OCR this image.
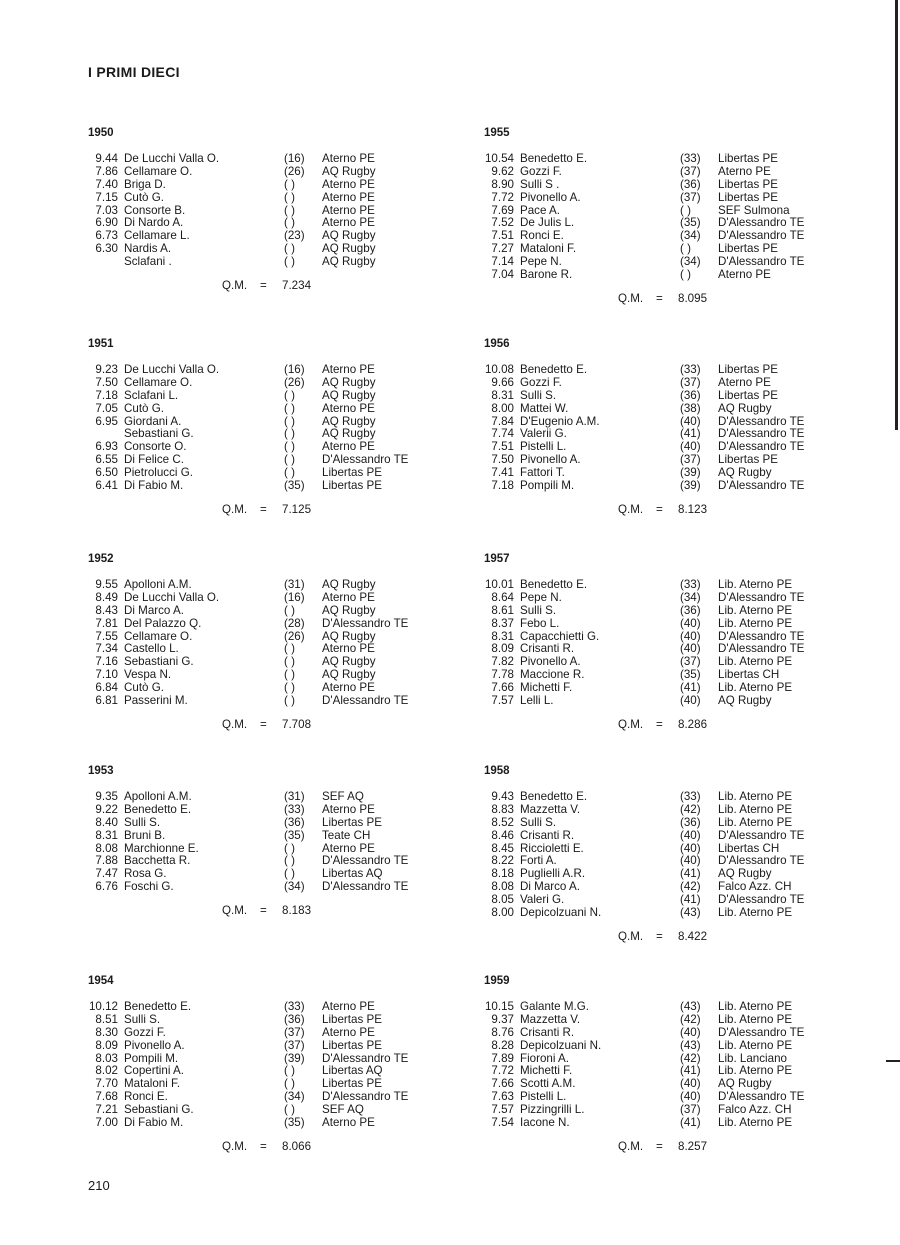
I PRIMI DIECI
1950
9.44 De Lucchi Valla O.	(16) Aterno PE
7.86 Cellamare O.	(26) AQ Rugby
7.40 Briga D.	( ) Aterno PE
7.15 Cutò G.	( ) Aterno PE
7.03 Consorte B.	( ) Aterno PE
6.90 Di Nardo A.	( ) Aterno PE
6.73 Cellamare L.	(23) AQ Rugby
6.30 Nardis A.	( ) AQ Rugby
Sclafani .	( ) AQ Rugby
Q.M. = 7.234
1955
10.54 Benedetto E.	(33) Libertas PE
9.62 Gozzi F.	(37) Aterno PE
8.90 Sulli S .	(36) Libertas PE
7.72 Pivonello A.	(37) Libertas PE
7.69 Pace A.	( ) SEF Sulmona
7.52 De Julis L.	(35) D'Alessandro TE
7.51 Ronci E.	(34) D'Alessandro TE
7.27 Mataloni F.	( ) Libertas PE
7.14 Pepe N.	(34) D'Alessandro TE
7.04 Barone R.	( ) Aterno PE
Q.M. = 8.095
1951
9.23 De Lucchi Valla O.	(16) Aterno PE
7.50 Cellamare O.	(26) AQ Rugby
7.18 Sclafani L.	( ) AQ Rugby
7.05 Cutò G.	( ) Aterno PE
6.95 Giordani A.	( ) AQ Rugby
Sebastiani G.	( ) AQ Rugby
6.93 Consorte O.	( ) Aterno PE
6.55 Di Felice C.	( ) D'Alessandro TE
6.50 Pietrolucci G.	( ) Libertas PE
6.41 Di Fabio M.	(35) Libertas PE
Q.M. = 7.125
1956
10.08 Benedetto E.	(33) Libertas PE
9.66 Gozzi F.	(37) Aterno PE
8.31 Sulli S.	(36) Libertas PE
8.00 Mattei W.	(38) AQ Rugby
7.84 D'Eugenio A.M.	(40) D'Alessandro TE
7.74 Valerii G.	(41) D'Alessandro TE
7.51 Pistelli L.	(40) D'Alessandro TE
7.50 Pivonello A.	(37) Libertas PE
7.41 Fattori T.	(39) AQ Rugby
7.18 Pompili M.	(39) D'Alessandro TE
Q.M. = 8.123
1952
9.55 Apolloni A.M.	(31) AQ Rugby
8.49 De Lucchi Valla O.	(16) Aterno PE
8.43 Di Marco A.	( ) AQ Rugby
7.81 Del Palazzo Q.	(28) D'Alessandro TE
7.55 Cellamare O.	(26) AQ Rugby
7.34 Castello L.	( ) Aterno PE
7.16 Sebastiani G.	( ) AQ Rugby
7.10 Vespa N.	( ) AQ Rugby
6.84 Cutò G.	( ) Aterno PE
6.81 Passerini M.	( ) D'Alessandro TE
Q.M. = 7.708
1957
10.01 Benedetto E.	(33) Lib. Aterno PE
8.64 Pepe N.	(34) D'Alessandro TE
8.61 Sulli S.	(36) Lib. Aterno PE
8.37 Febo L.	(40) Lib. Aterno PE
8.31 Capacchietti G.	(40) D'Alessandro TE
8.09 Crisanti R.	(40) D'Alessandro TE
7.82 Pivonello A.	(37) Lib. Aterno PE
7.78 Maccione R.	(35) Libertas CH
7.66 Michetti F.	(41) Lib. Aterno PE
7.57 Lelli L.	(40) AQ Rugby
Q.M. = 8.286
1953
9.35 Apolloni A.M.	(31) SEF AQ
9.22 Benedetto E.	(33) Aterno PE
8.40 Sulli S.	(36) Libertas PE
8.31 Bruni B.	(35) Teate CH
8.08 Marchionne E.	( ) Aterno PE
7.88 Bacchetta R.	( ) D'Alessandro TE
7.47 Rosa G.	( ) Libertas AQ
6.76 Foschi G.	(34) D'Alessandro TE
Q.M. = 8.183
1958
9.43 Benedetto E.	(33) Lib. Aterno PE
8.83 Mazzetta V.	(42) Lib. Aterno PE
8.52 Sulli S.	(36) Lib. Aterno PE
8.46 Crisanti R.	(40) D'Alessandro TE
8.45 Riccioletti E.	(40) Libertas CH
8.22 Forti A.	(40) D'Alessandro TE
8.18 Puglielli A.R.	(41) AQ Rugby
8.08 Di Marco A.	(42) Falco Azz. CH
8.05 Valeri G.	(41) D'Alessandro TE
8.00 Depicolzuani N.	(43) Lib. Aterno PE
Q.M. = 8.422
1954
10.12 Benedetto E.	(33) Aterno PE
8.51 Sulli S.	(36) Libertas PE
8.30 Gozzi F.	(37) Aterno PE
8.09 Pivonello A.	(37) Libertas PE
8.03 Pompili M.	(39) D'Alessandro TE
8.02 Copertini A.	( ) Libertas AQ
7.70 Mataloni F.	( ) Libertas PE
7.68 Ronci E.	(34) D'Alessandro TE
7.21 Sebastiani G.	( ) SEF AQ
7.00 Di Fabio M.	(35) Aterno PE
Q.M. = 8.066
1959
10.15 Galante M.G.	(43) Lib. Aterno PE
9.37 Mazzetta V.	(42) Lib. Aterno PE
8.76 Crisanti R.	(40) D'Alessandro TE
8.28 Depicolzuani N.	(43) Lib. Aterno PE
7.89 Fioroni A.	(42) Lib. Lanciano
7.72 Michetti F.	(41) Lib. Aterno PE
7.66 Scotti A.M.	(40) AQ Rugby
7.63 Pistelli L.	(40) D'Alessandro TE
7.57 Pizzingrilli L.	(37) Falco Azz. CH
7.54 Iacone N.	(41) Lib. Aterno PE
Q.M. = 8.257
210
